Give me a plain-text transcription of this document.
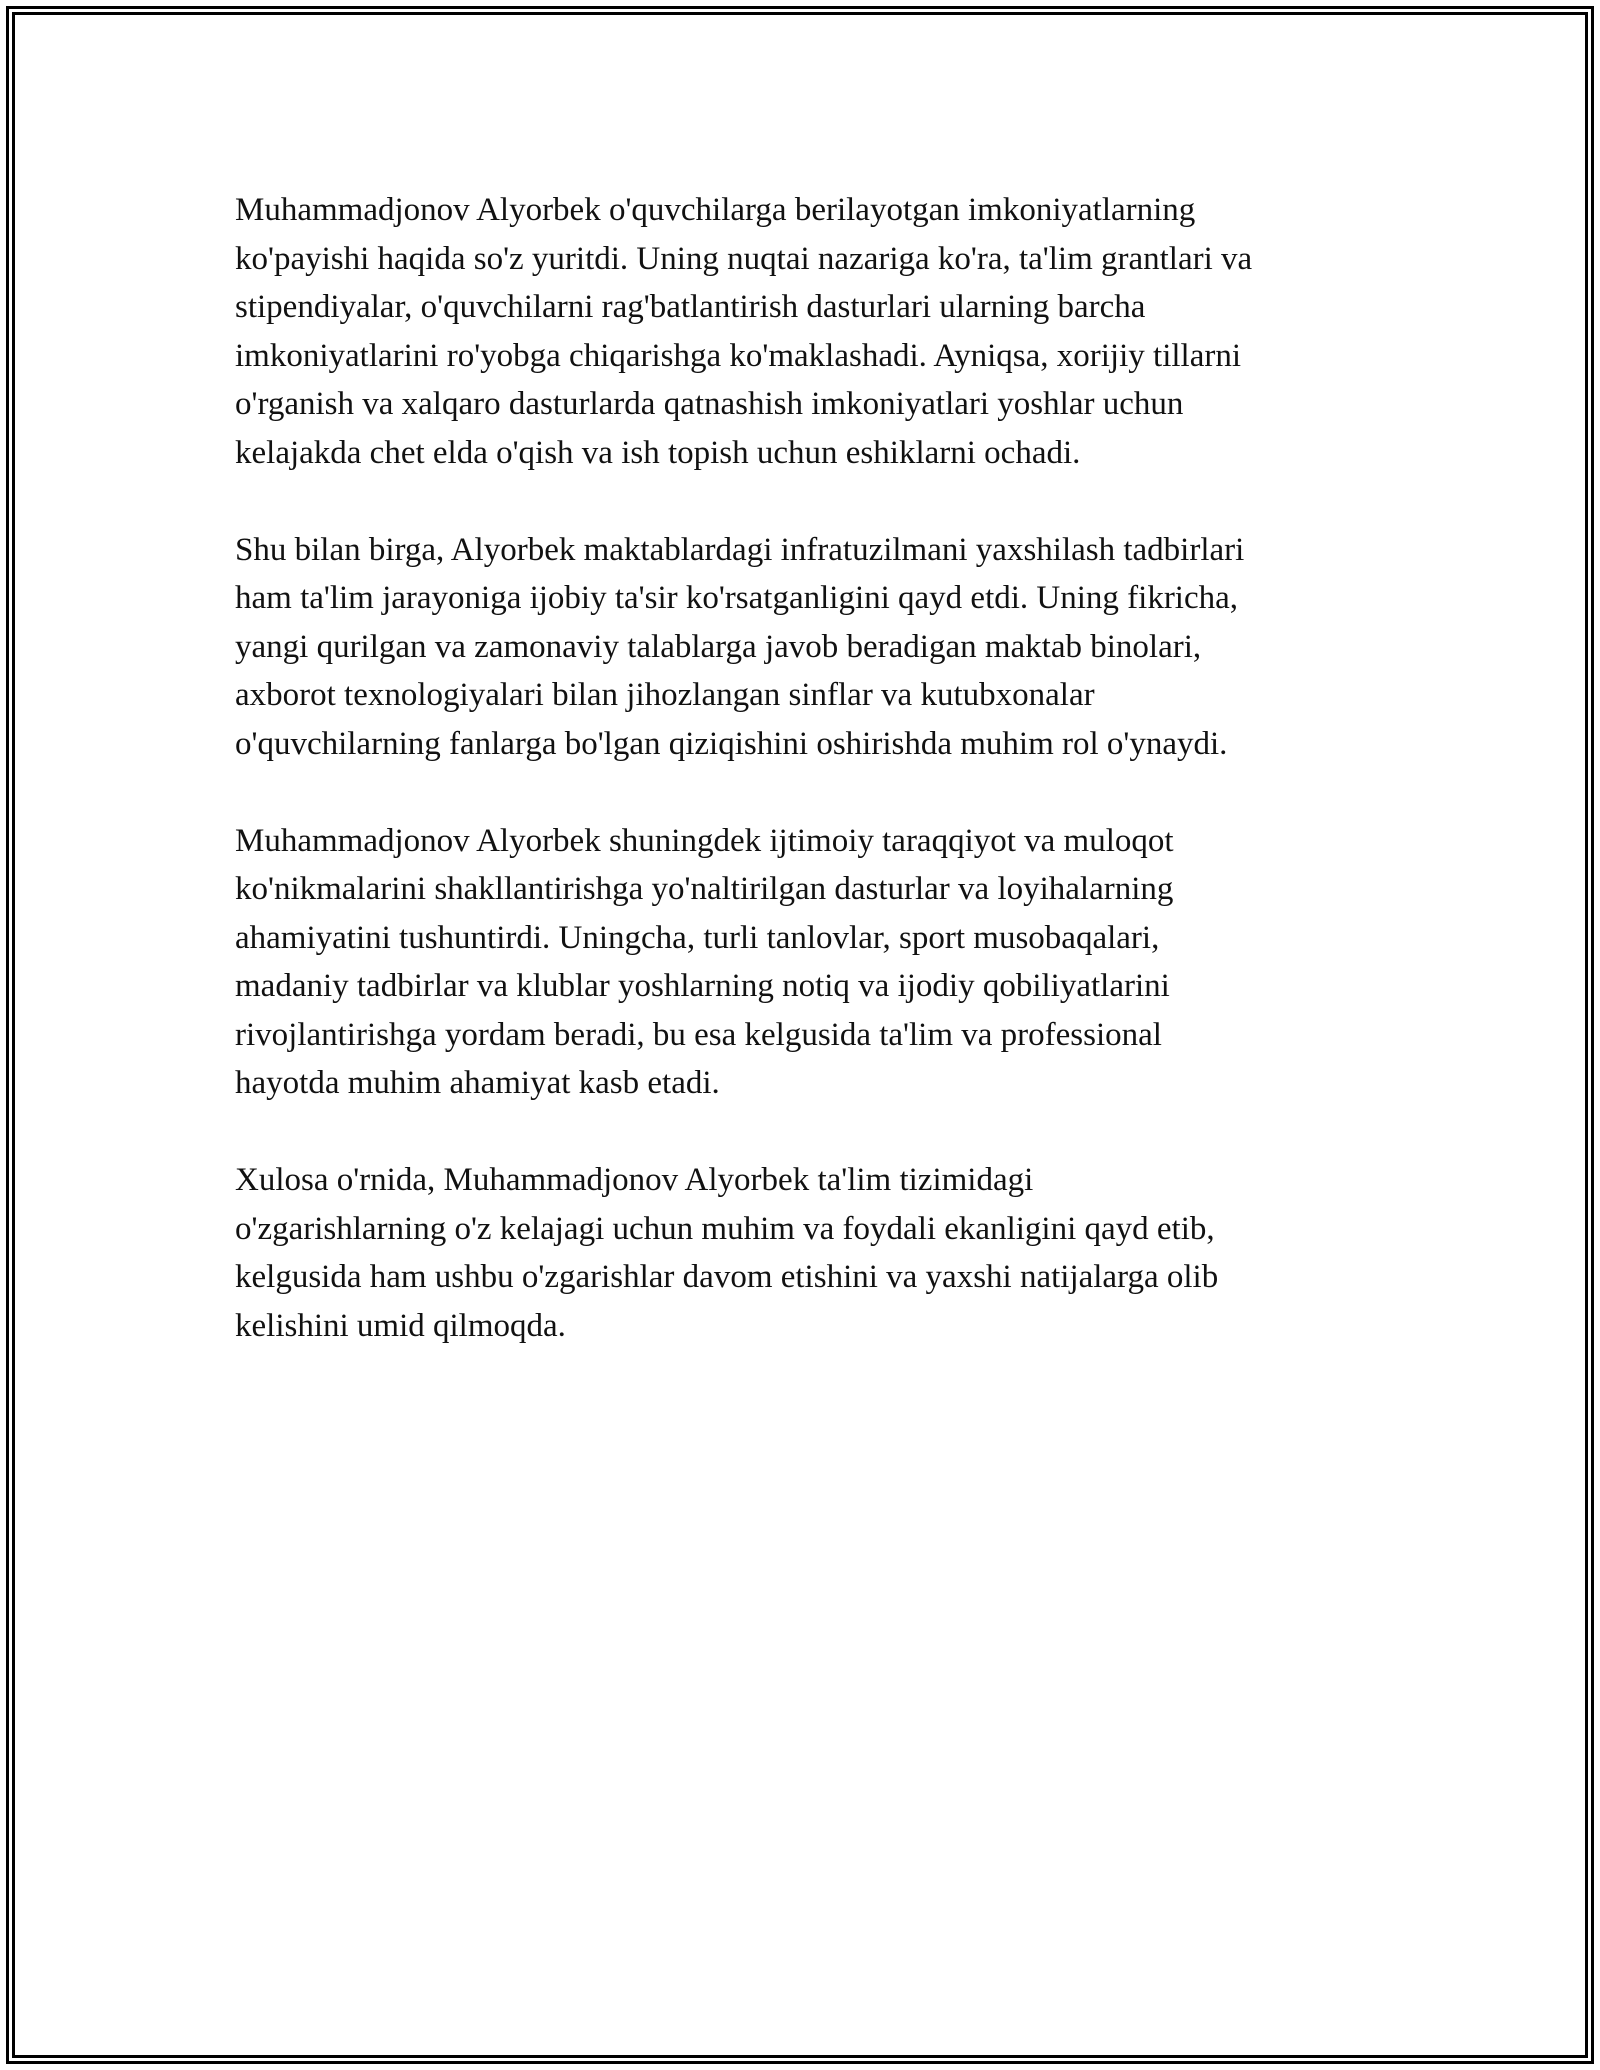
Muhammadjonov Alyorbek o'quvchilarga berilayotgan imkoniyatlarning
ko'payishi haqida so'z yuritdi. Uning nuqtai nazariga ko'ra, ta'lim grantlari va
stipendiyalar, o'quvchilarni rag'batlantirish dasturlari ularning barcha
imkoniyatlarini ro'yobga chiqarishga ko'maklashadi. Ayniqsa, xorijiy tillarni
o'rganish va xalqaro dasturlarda qatnashish imkoniyatlari yoshlar uchun
kelajakda chet elda o'qish va ish topish uchun eshiklarni ochadi.

Shu bilan birga, Alyorbek maktablardagi infratuzilmani yaxshilash tadbirlari
ham ta'lim jarayoniga ijobiy ta'sir ko'rsatganligini qayd etdi. Uning fikricha,
yangi qurilgan va zamonaviy talablarga javob beradigan maktab binolari,
axborot texnologiyalari bilan jihozlangan sinflar va kutubxonalar
o'quvchilarning fanlarga bo'lgan qiziqishini oshirishda muhim rol o'ynaydi.

Muhammadjonov Alyorbek shuningdek ijtimoiy taraqqiyot va muloqot
ko'nikmalarini shakllantirishga yo'naltirilgan dasturlar va loyihalarning
ahamiyatini tushuntirdi. Uningcha, turli tanlovlar, sport musobaqalari,
madaniy tadbirlar va klublar yoshlarning notiq va ijodiy qobiliyatlarini
rivojlantirishga yordam beradi, bu esa kelgusida ta'lim va professional
hayotda muhim ahamiyat kasb etadi.

Xulosa o'rnida, Muhammadjonov Alyorbek ta'lim tizimidagi
o'zgarishlarning o'z kelajagi uchun muhim va foydali ekanligini qayd etib,
kelgusida ham ushbu o'zgarishlar davom etishini va yaxshi natijalarga olib
kelishini umid qilmoqda.
